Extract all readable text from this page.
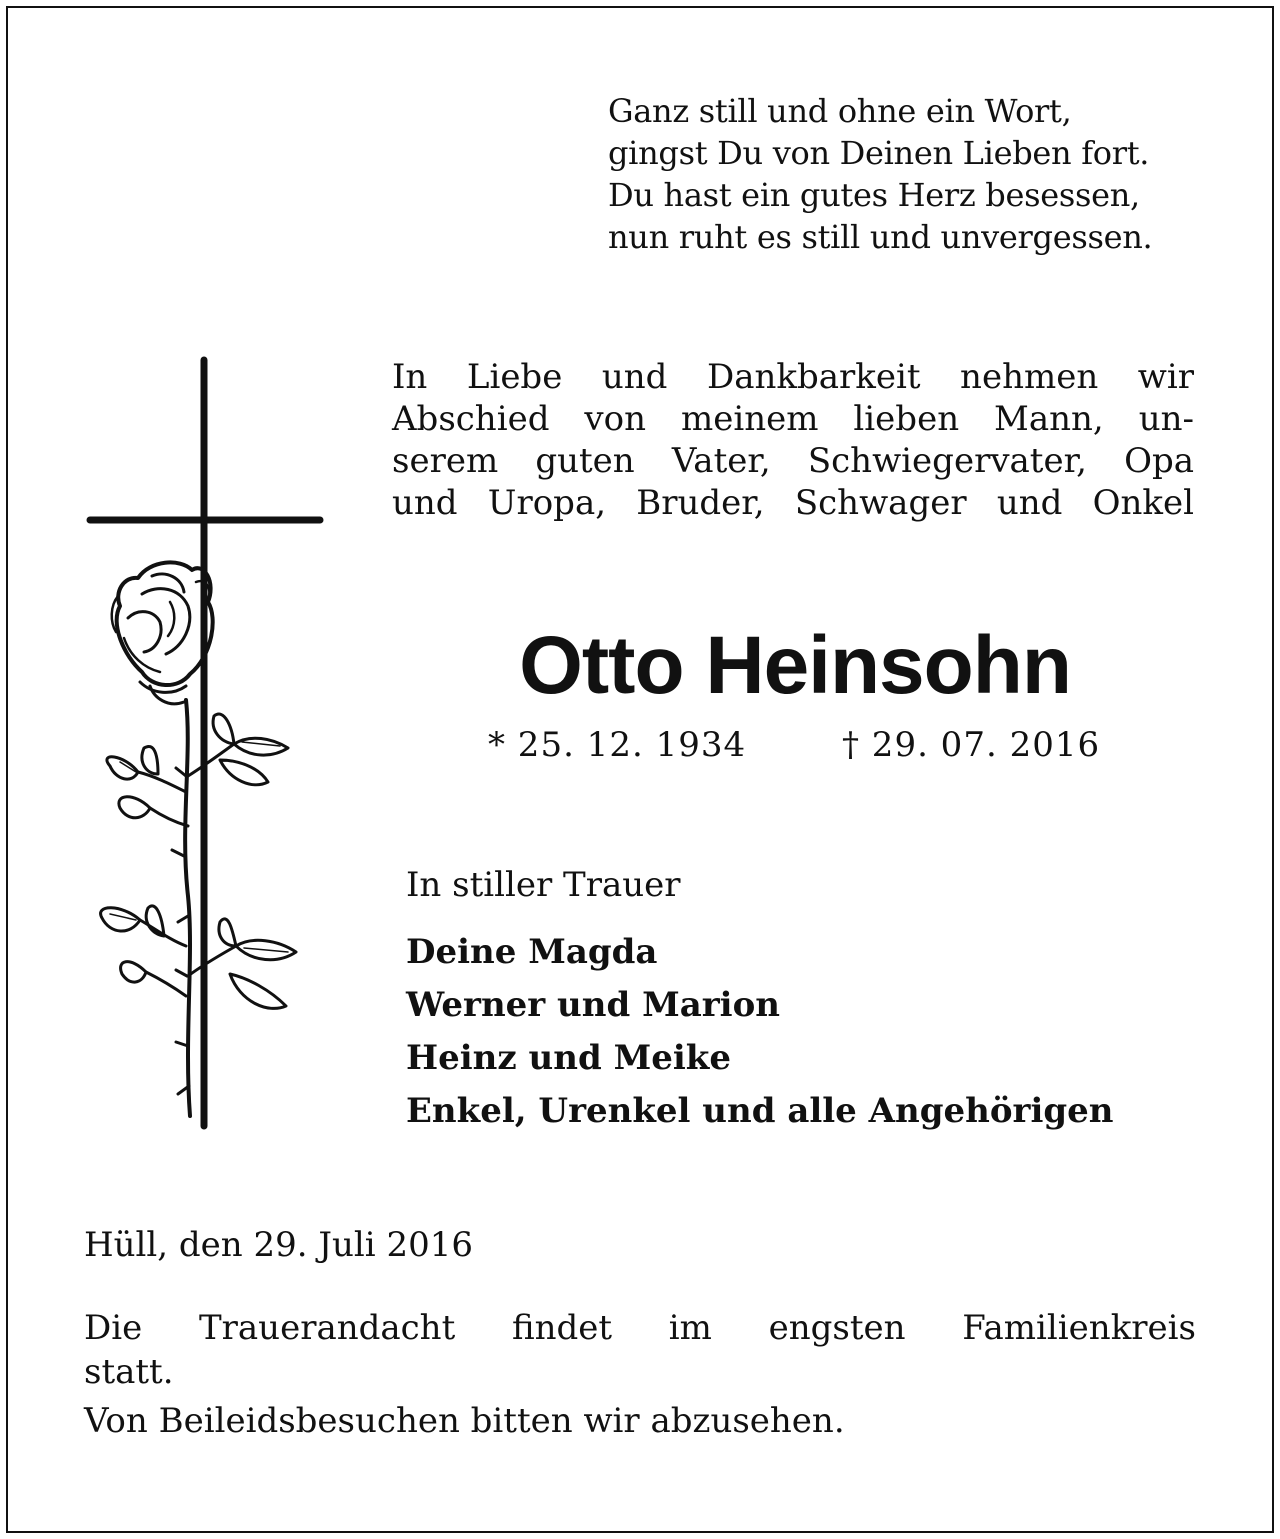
Ganz still und ohne ein Wort,
gingst Du von Deinen Lieben fort.
Du hast ein gutes Herz besessen,
nun ruht es still und unvergessen.
In Liebe und Dankbarkeit nehmen wir
Abschied von meinem lieben Mann, un-
serem guten Vater, Schwiegervater, Opa
und Uropa, Bruder, Schwager und Onkel
Otto Heinsohn
* 25. 12. 1934	† 29. 07. 2016
In stiller Trauer
Deine Magda
Werner und Marion
Heinz und Meike
Enkel, Urenkel und alle Angehörigen
Hüll, den 29. Juli 2016
Die Trauerandacht findet im engsten Familienkreis
statt.
Von Beileidsbesuchen bitten wir abzusehen.
